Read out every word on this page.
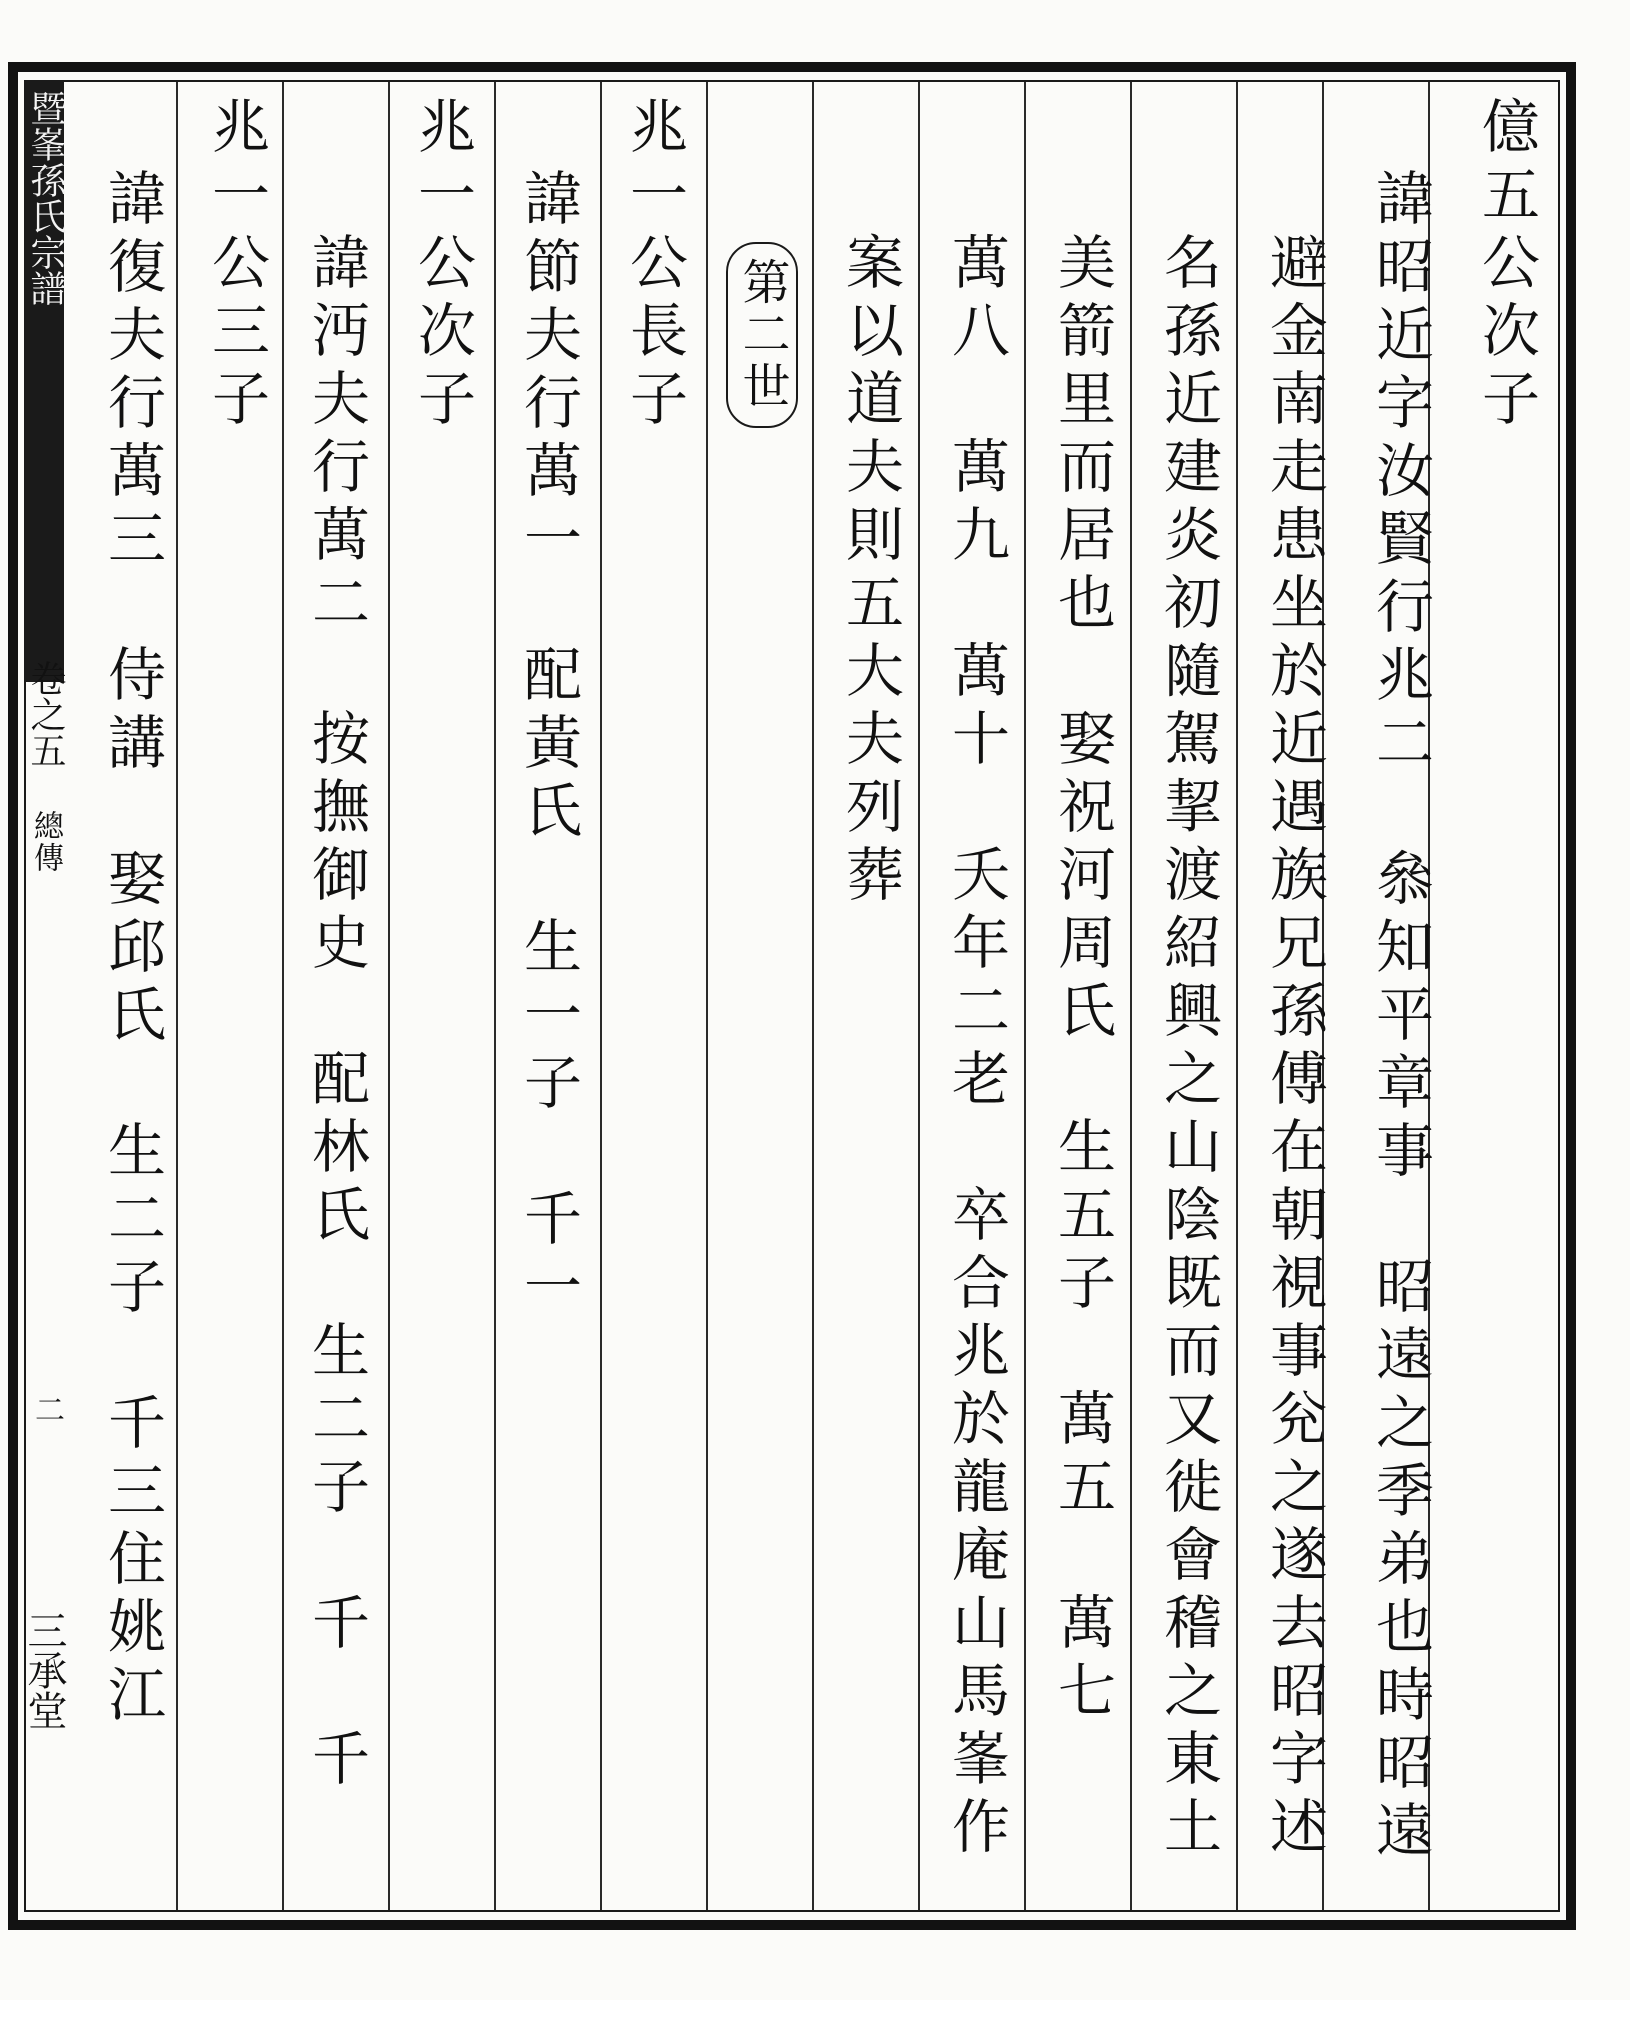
暨峯孫氏宗譜
卷之五
總傳
二
三承堂
億五公次子
諱昭近字汝賢行兆二　叅知平章事　昭遠之季弟也時昭遠
避金南走患坐於近遇族兄孫傅在朝視事兊之遂去昭字述
名孫近建炎初隨駕挈渡紹興之山陰既而又徙會稽之東土
美箭里而居也　娶祝河周氏　生五子　萬五　萬七
萬八　萬九　萬十　夭年二老　卒合兆於龍庵山馬峯作
案以道夫則五大夫列葬
第二世
兆一公長子
諱節夫行萬一　配黃氏　生一子　千一
兆一公次子
諱沔夫行萬二　按撫御史　配林氏　生二子　千　千
兆一公三子
諱復夫行萬三　侍講　娶邱氏　生二子　千三住姚江
